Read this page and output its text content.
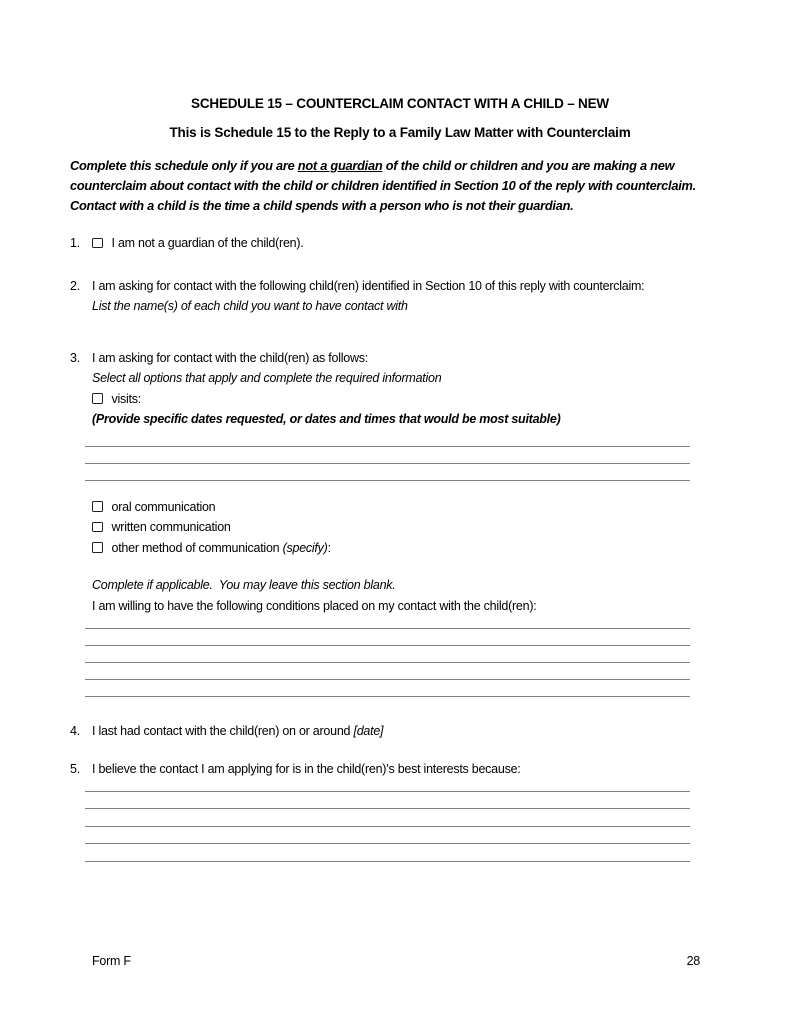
SCHEDULE 15 – COUNTERCLAIM CONTACT WITH A CHILD – NEW
This is Schedule 15 to the Reply to a Family Law Matter with Counterclaim
Complete this schedule only if you are not a guardian of the child or children and you are making a new
counterclaim about contact with the child or children identified in Section 10 of the reply with counterclaim.
Contact with a child is the time a child spends with a person who is not their guardian.
1.	I am not a guardian of the child(ren).
2. I am asking for contact with the following child(ren) identified in Section 10 of this reply with counterclaim:
List the name(s) of each child you want to have contact with
3. I am asking for contact with the child(ren) as follows:
Select all options that apply and complete the required information
visits:
(Provide specific dates requested, or dates and times that would be most suitable)
oral communication
written communication
other method of communication (specify):
Complete if applicable.  You may leave this section blank.
I am willing to have the following conditions placed on my contact with the child(ren):
4. I last had contact with the child(ren) on or around [date]
5. I believe the contact I am applying for is in the child(ren)’s best interests because:
Form F	28
